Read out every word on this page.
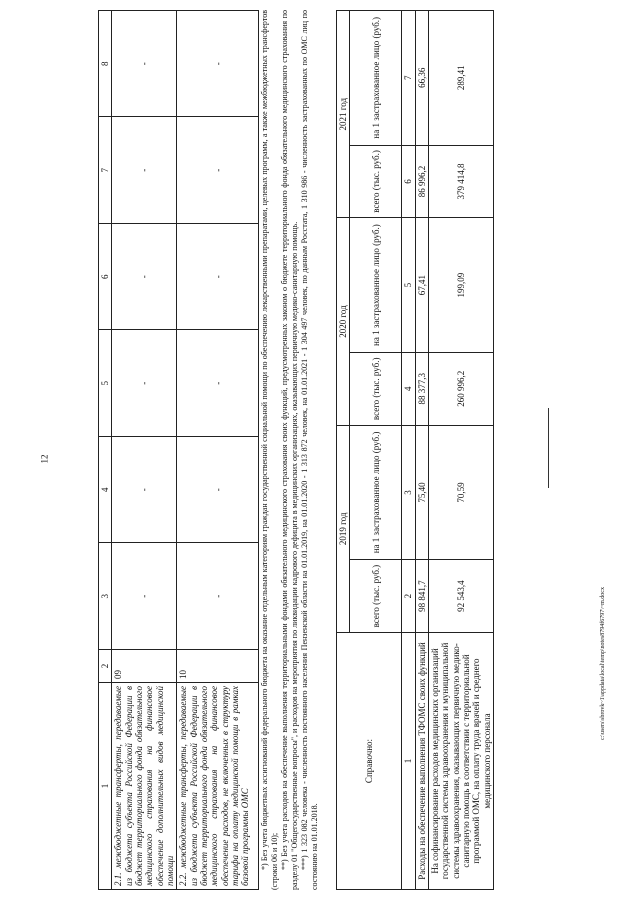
12
c:\users\sbrovk~1\appdata\local\temp\notes8794f6797\~m.docx
1	2	3	4	5	6	7	8
2.1. межбюджетные трансферты, передаваемые из бюджета субъекта Российской Федерации в бюджет территориального фонда обязательного медицинского страхования на финансовое обеспечение дополнительных видов медицинской помощи	09	-	-	-	-	-	-
2.2. межбюджетные трансферты, передаваемые из бюджета субъекта Российской Федерации в бюджет территориального фонда обязательного медицинского страхования на финансовое обеспечение расходов, не включенных в структуру тарифа на оплату медицинской помощи в рамках базовой программы ОМС	10	-	-	-	-	-	-	*) Без учета бюджетных ассигнований федерального бюджета на оказание отдельным категориям граждан государственной социальной помощи по обеспечению лекарственными препаратами, целевых программ, а также межбюджетных трансфертов (строки 06 и 10); **) Без учета расходов на обеспечение выполнения территориальными фондами обязательного медицинского страхования своих функций, предусмотренных законом о бюджете территориального фонда обязательного медицинского страхования по разделу 01 "Общегосударственные вопросы", и расходов на мероприятия по ликвидации кадрового дефицита в медицинских организациях, оказывающих первичную медико-санитарную помощь. ***) 1 323 082 человека - численность постоянного населения Пензенской области на 01.01.2019, на 01.01.2020 - 1 313 872 человек, на 01.01.2021 - 1 304 497 человек, по данным Росстата, 1 310 986 - численность застрахованных по ОМС лиц по состоянию на 01.01.2018.

Справочно:	2019 год		2020 год		2021 год	
	всего (тыс. руб.)	на 1 застрахованное лицо (руб.)	всего (тыс. руб.)	на 1 застрахованное лицо (руб.)	всего (тыс. руб.)	на 1 застрахованное лицо (руб.)
1	2	3	4	5	6	7
Расходы на обеспечение выполнения ТФОМС своих функций	98 841,7	75,40	88 377,3	67,41	86 996,2	66,36
На софинансирование расходов медицинских организаций государственной системы здравоохранения и муниципальной системы здравоохранения, оказывающих первичную медико-санитарную помощь в соответствии с территориальной программой ОМС, на оплату труда врачей и среднего медицинского персонала	92 543,4	70,59	260 996,2	199,09	379 414,8	289,41
